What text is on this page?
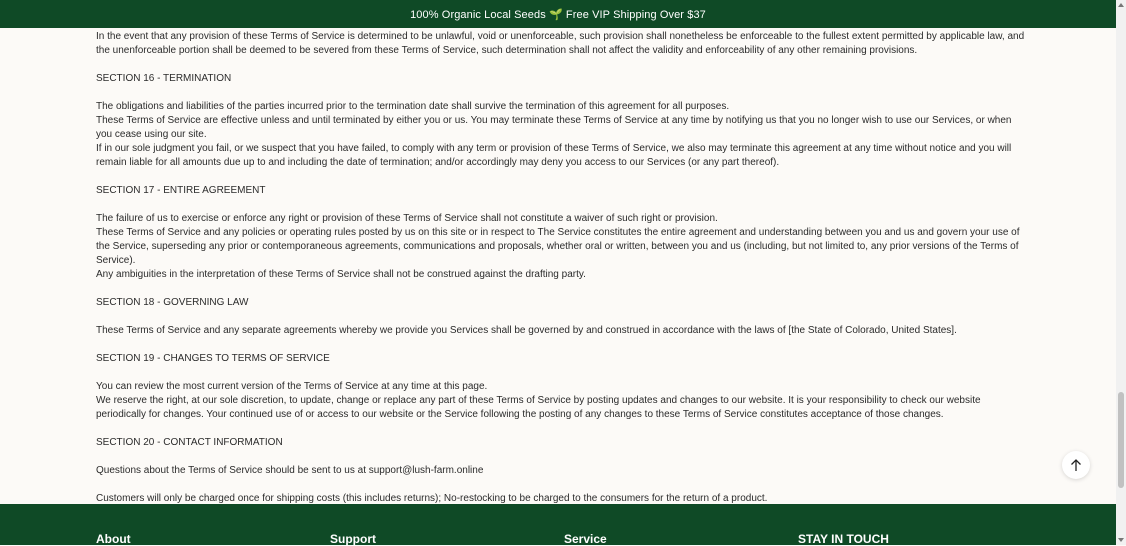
100% Organic Local Seeds 🌱 Free VIP Shipping Over $37

In the event that any provision of these Terms of Service is determined to be unlawful, void or unenforceable, such provision shall nonetheless be enforceable to the fullest extent permitted by applicable law, and the unenforceable portion shall be deemed to be severed from these Terms of Service, such determination shall not affect the validity and enforceability of any other remaining provisions.

SECTION 16 - TERMINATION

The obligations and liabilities of the parties incurred prior to the termination date shall survive the termination of this agreement for all purposes.

These Terms of Service are effective unless and until terminated by either you or us. You may terminate these Terms of Service at any time by notifying us that you no longer wish to use our Services, or when you cease using our site.

If in our sole judgment you fail, or we suspect that you have failed, to comply with any term or provision of these Terms of Service, we also may terminate this agreement at any time without notice and you will remain liable for all amounts due up to and including the date of termination; and/or accordingly may deny you access to our Services (or any part thereof).

SECTION 17 - ENTIRE AGREEMENT

The failure of us to exercise or enforce any right or provision of these Terms of Service shall not constitute a waiver of such right or provision.

These Terms of Service and any policies or operating rules posted by us on this site or in respect to The Service constitutes the entire agreement and understanding between you and us and govern your use of the Service, superseding any prior or contemporaneous agreements, communications and proposals, whether oral or written, between you and us (including, but not limited to, any prior versions of the Terms of Service).

Any ambiguities in the interpretation of these Terms of Service shall not be construed against the drafting party.

SECTION 18 - GOVERNING LAW

These Terms of Service and any separate agreements whereby we provide you Services shall be governed by and construed in accordance with the laws of [the State of Colorado, United States].

SECTION 19 - CHANGES TO TERMS OF SERVICE

You can review the most current version of the Terms of Service at any time at this page.

We reserve the right, at our sole discretion, to update, change or replace any part of these Terms of Service by posting updates and changes to our website. It is your responsibility to check our website periodically for changes. Your continued use of or access to our website or the Service following the posting of any changes to these Terms of Service constitutes acceptance of those changes.

SECTION 20 - CONTACT INFORMATION

Questions about the Terms of Service should be sent to us at support@lush-farm.online

Customers will only be charged once for shipping costs (this includes returns); No-restocking to be charged to the consumers for the return of a product.

About	Support	Service	STAY IN TOUCH
